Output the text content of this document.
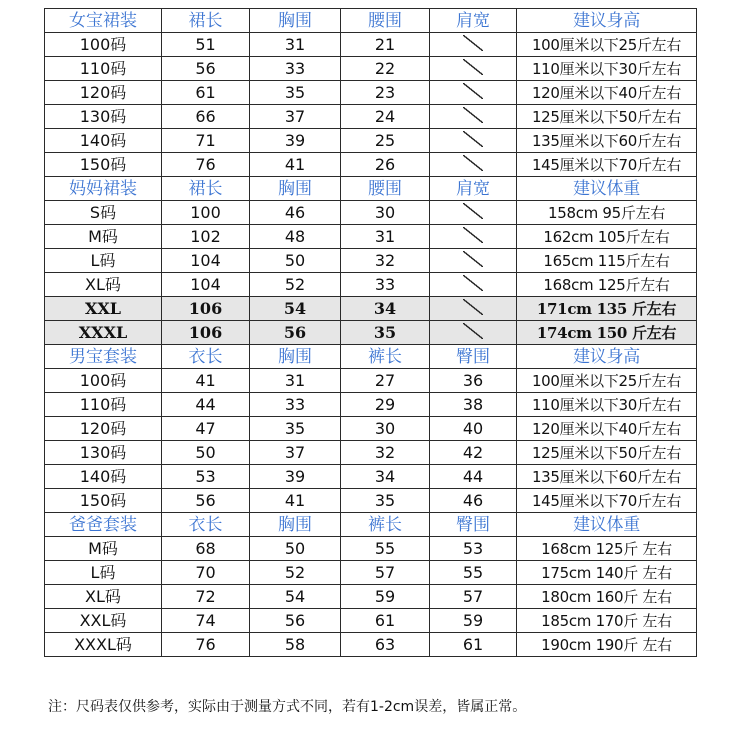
女宝裙装	裙长	胸围	腰围	肩宽	建议身高
100码	51	31	21		100厘米以下25斤左右
110码	56	33	22		110厘米以下30斤左右
120码	61	35	23		120厘米以下40斤左右
130码	66	37	24		125厘米以下50斤左右
140码	71	39	25		135厘米以下60斤左右
150码	76	41	26		145厘米以下70斤左右
妈妈裙装	裙长	胸围	腰围	肩宽	建议体重
S码	100	46	30		158cm 95斤左右
M码	102	48	31		162cm 105斤左右
L码	104	50	32		165cm 115斤左右
XL码	104	52	33		168cm 125斤左右
XXL	106	54	34		171cm 135 斤左右
XXXL	106	56	35		174cm 150 斤左右
男宝套装	衣长	胸围	裤长	臀围	建议身高
100码	41	31	27	36	100厘米以下25斤左右
110码	44	33	29	38	110厘米以下30斤左右
120码	47	35	30	40	120厘米以下40斤左右
130码	50	37	32	42	125厘米以下50斤左右
140码	53	39	34	44	135厘米以下60斤左右
150码	56	41	35	46	145厘米以下70斤左右
爸爸套装	衣长	胸围	裤长	臀围	建议体重
M码	68	50	55	53	168cm 125斤 左右
L码	70	52	57	55	175cm 140斤 左右
XL码	72	54	59	57	180cm 160斤 左右
XXL码	74	56	61	59	185cm 170斤 左右
XXXL码	76	58	63	61	190cm 190斤 左右
注：尺码表仅供参考，实际由于测量方式不同，若有1-2cm误差，皆属正常。
